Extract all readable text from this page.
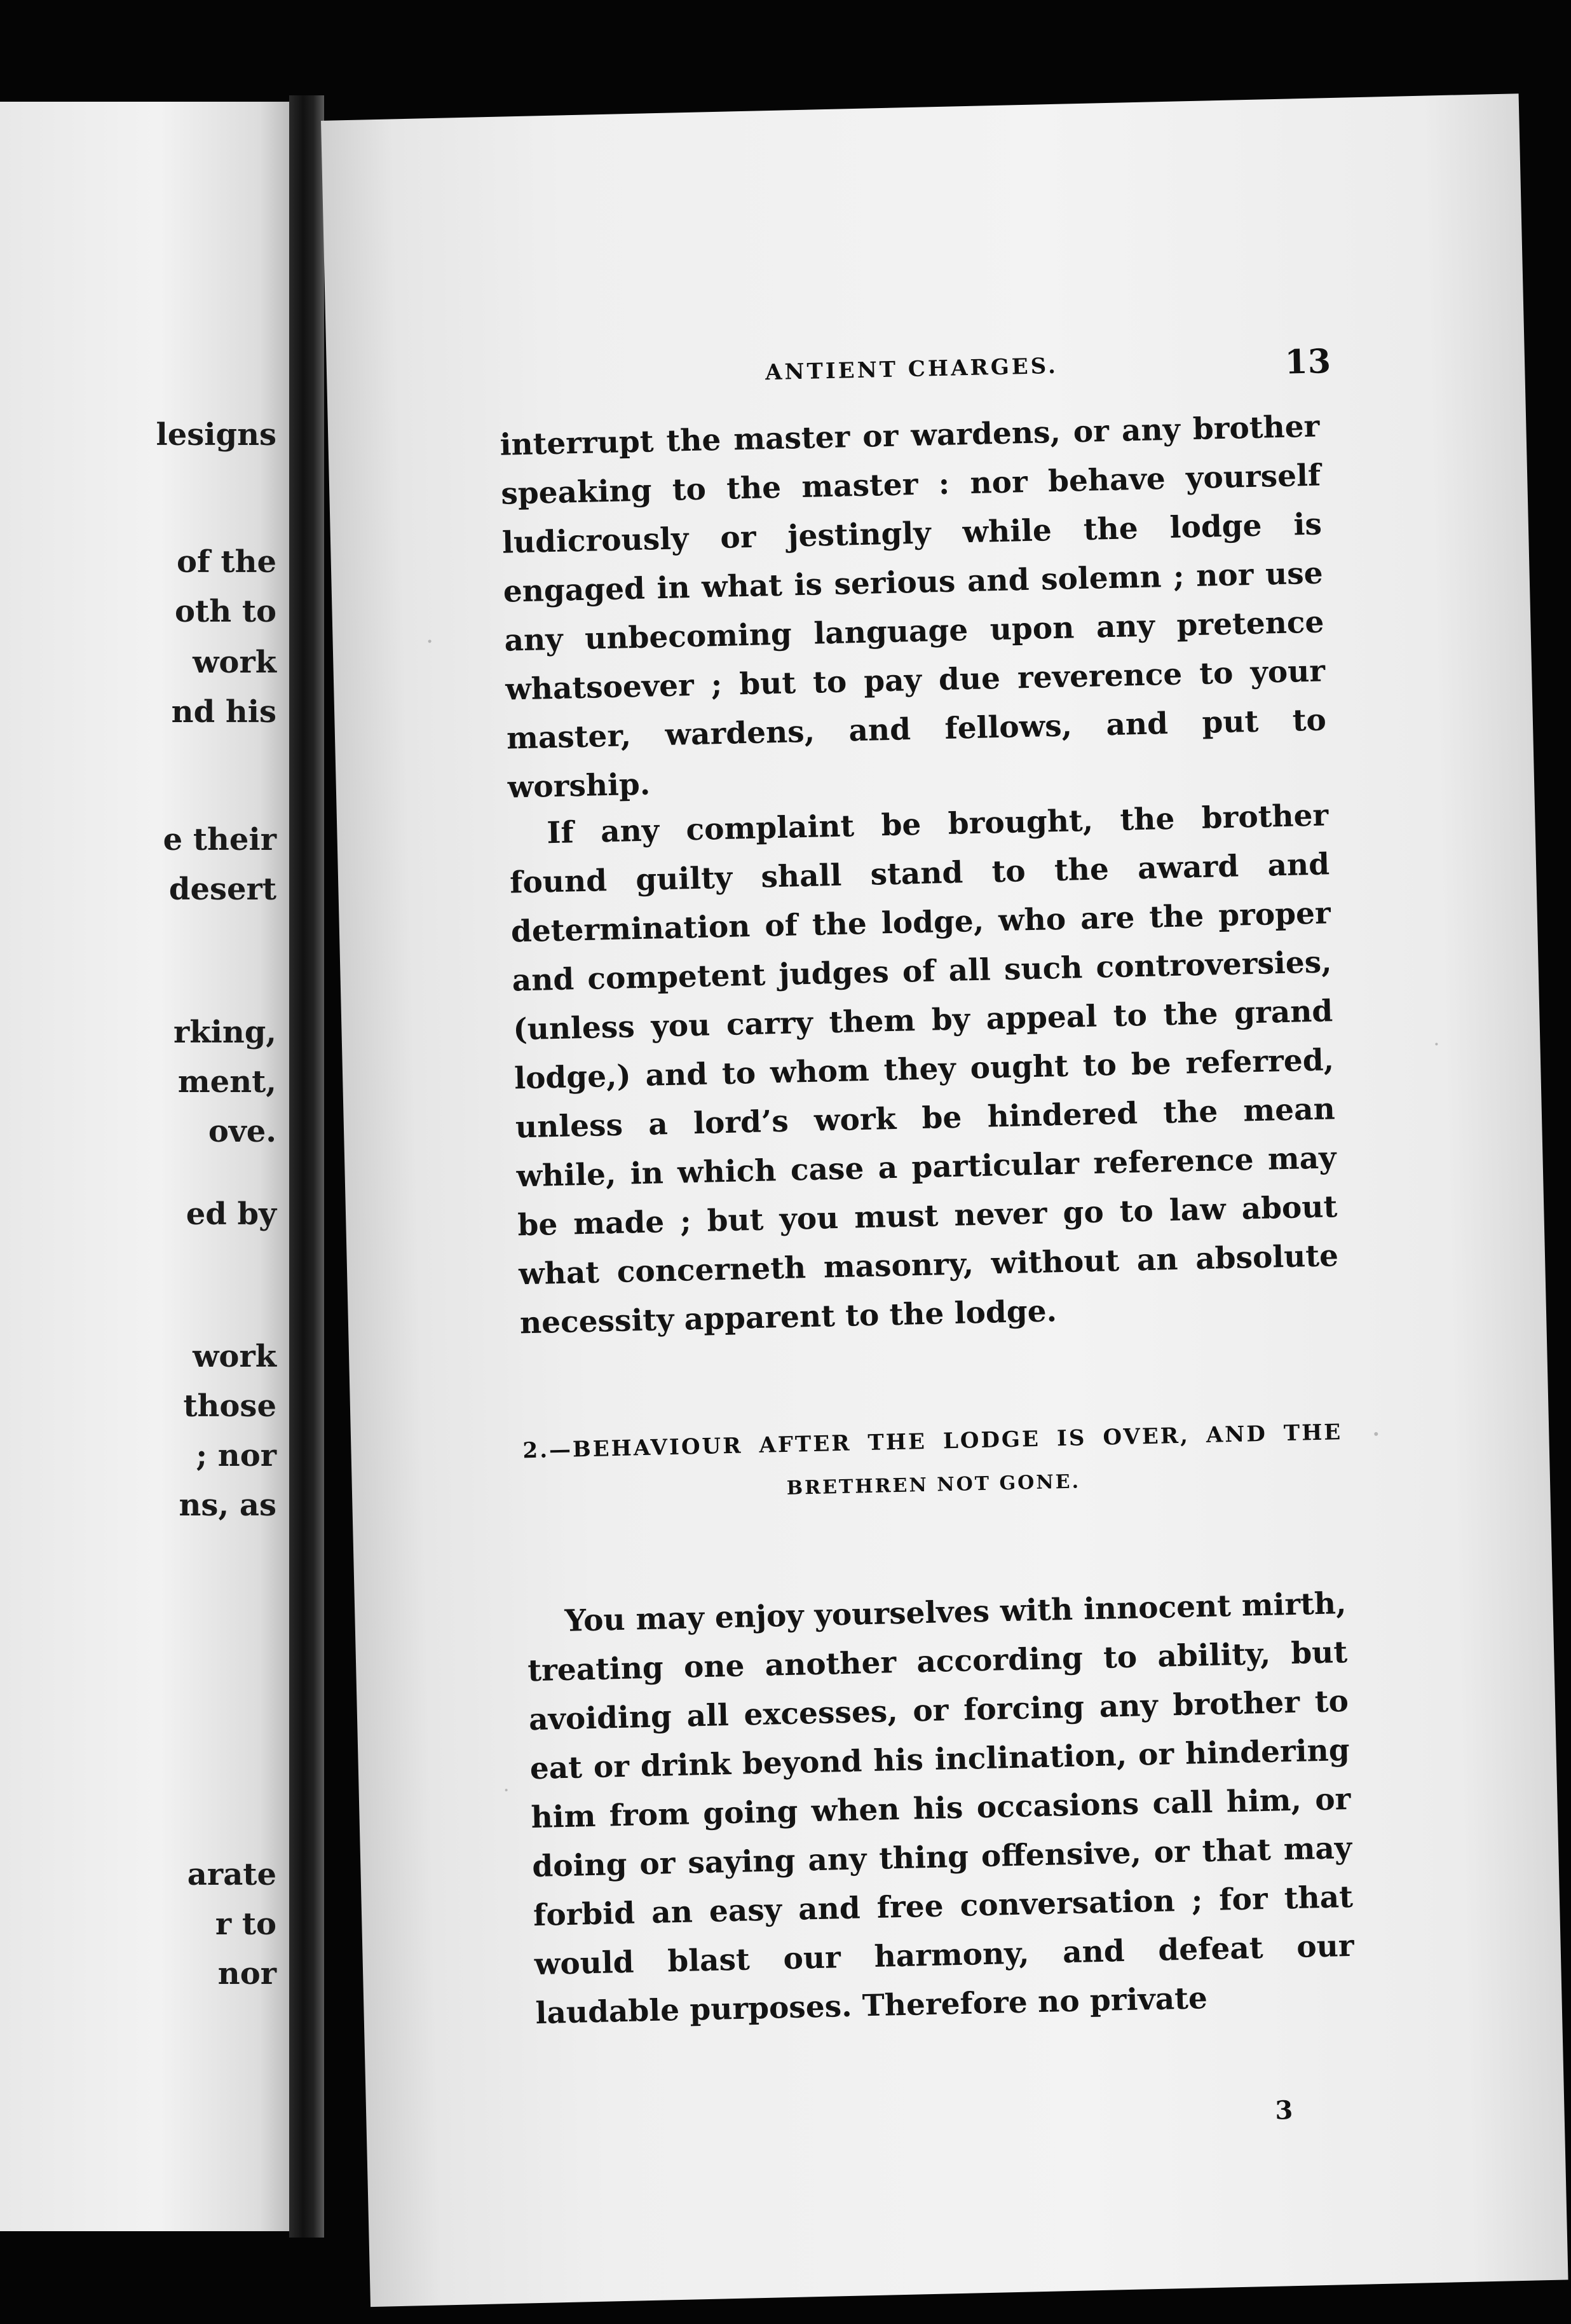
lesigns
of the
oth to
work
nd his
e their
desert
rking,
ment,
ove.
ed by
work
those
; nor
ns, as
arate
r to
nor
ANTIENT CHARGES.	13

interrupt the master or wardens, or any brother speaking to the master : nor behave yourself ludicrously or jestingly while the lodge is engaged in what is serious and solemn ; nor use any unbecoming language upon any pretence whatsoever ; but to pay due reverence to your master, wardens, and fellows, and put to worship.

If any complaint be brought, the brother found guilty shall stand to the award and determination of the lodge, who are the proper and competent judges of all such controversies, (unless you carry them by appeal to the grand lodge,) and to whom they ought to be referred, unless a lord’s work be hindered the mean while, in which case a particular reference may be made ; but you must never go to law about what concerneth masonry, without an absolute necessity apparent to the lodge.

2.—BEHAVIOUR AFTER THE LODGE IS OVER, AND THE
BRETHREN NOT GONE.

You may enjoy yourselves with innocent mirth, treating one another according to ability, but avoiding all excesses, or forcing any brother to eat or drink beyond his inclination, or hindering him from going when his occasions call him, or doing or saying any thing offensive, or that may forbid an easy and free conversation ; for that would blast our harmony, and defeat our laudable purposes. Therefore no private

3
